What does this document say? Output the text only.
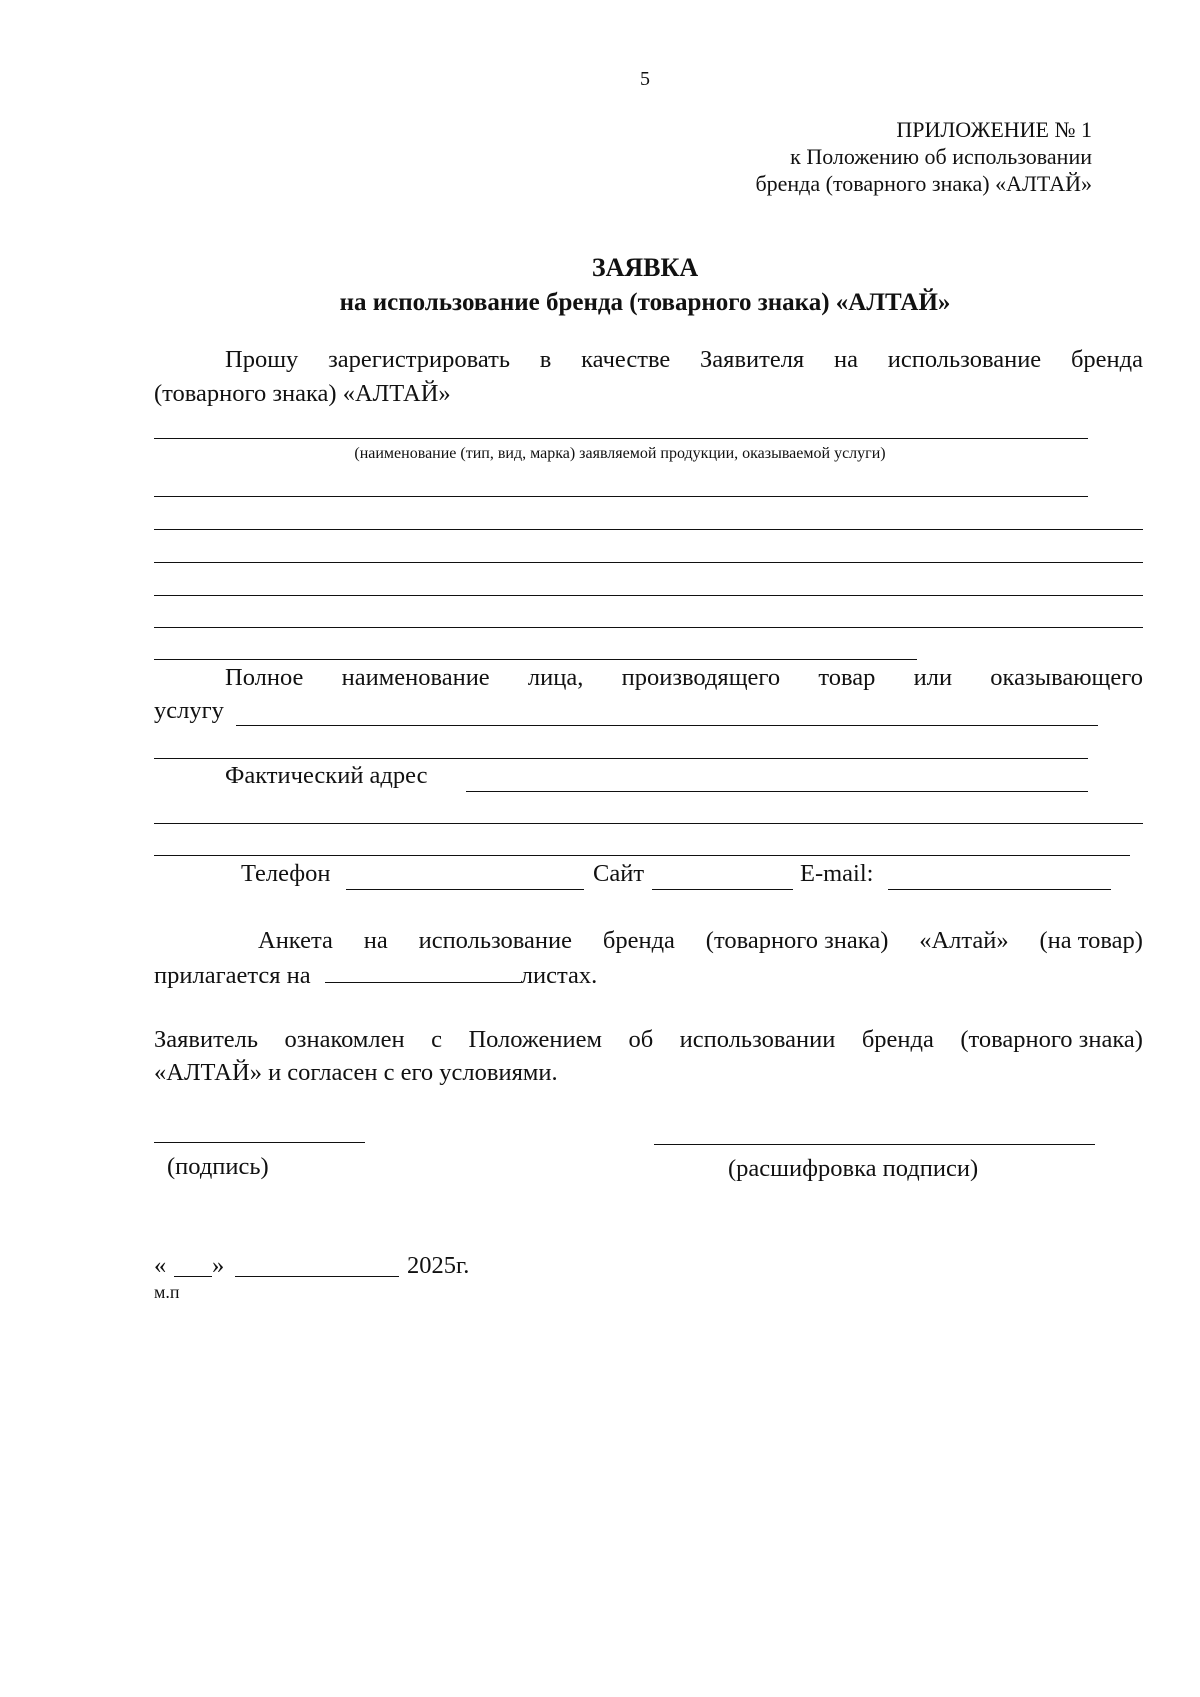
5
ПРИЛОЖЕНИЕ № 1
к Положению об использовании
бренда (товарного знака) «АЛТАЙ»
ЗАЯВКА
на использование бренда (товарного знака) «АЛТАЙ»
Прошу зарегистрировать в качестве Заявителя на использование бренда
(товарного знака) «АЛТАЙ»
(наименование (тип, вид, марка) заявляемой продукции, оказываемой услуги)
Полное наименование лица, производящего товар или оказывающего
услугу
Фактический адрес
Телефон	Сайт	E-mail:
Анкета на использование бренда (товарного знака) «Алтай» (на товар)
прилагается на	листах.
Заявитель ознакомлен с Положением об использовании бренда (товарного знака)
«АЛТАЙ» и согласен с его условиями.
(подпись)	(расшифровка подписи)
« »	2025г.
м.п
